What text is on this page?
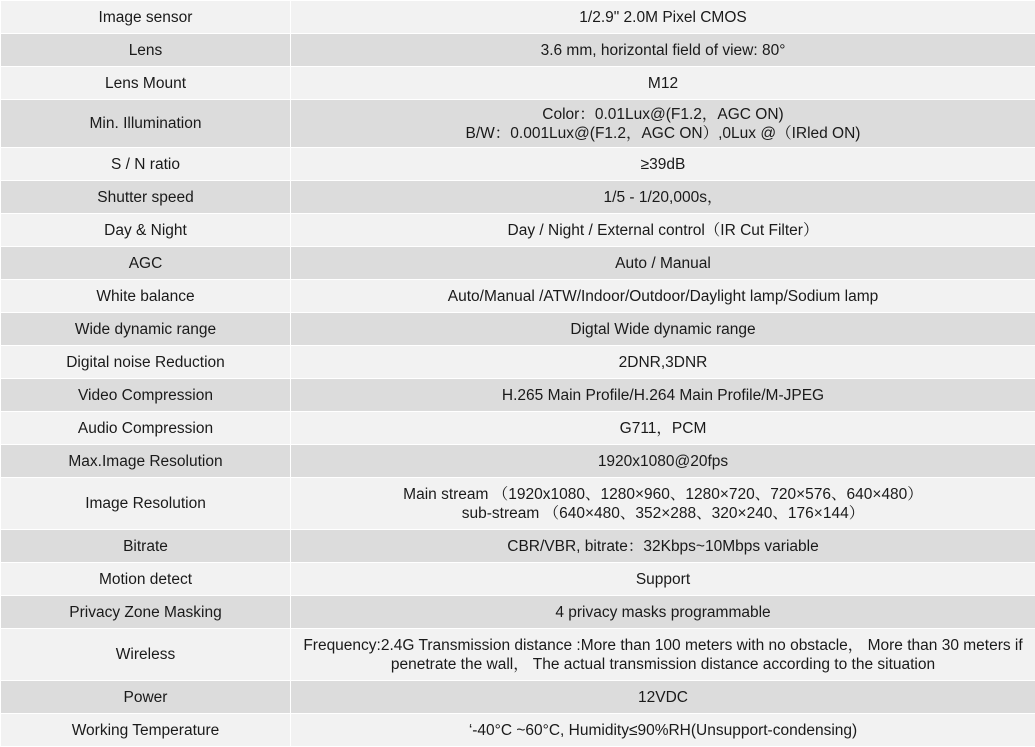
Image sensor	1/2.9" 2.0M Pixel CMOS
Lens	3.6 mm, horizontal field of view: 80°
Lens Mount	M12
Min. Illumination	Color：0.01Lux@(F1.2，AGC ON)
B/W：0.001Lux@(F1.2，AGC ON）,0Lux @（IRled ON)

S / N ratio	≥39dB
Shutter speed	1/5 - 1/20,000s，
Day & Night	Day / Night / External control（IR Cut Filter）
AGC	Auto / Manual
White balance	Auto/Manual /ATW/Indoor/Outdoor/Daylight lamp/Sodium lamp
Wide dynamic range	Digtal Wide dynamic range
Digital noise Reduction	2DNR,3DNR
Video Compression	H.265 Main Profile/H.264 Main Profile/M-JPEG
Audio Compression	G711，PCM
Max.Image Resolution	1920x1080@20fps
Image Resolution	Main stream （1920x1080、1280×960、1280×720、720×576、640×480）
sub-stream （640×480、352×288、320×240、176×144）

Bitrate	CBR/VBR, bitrate：32Kbps~10Mbps variable
Motion detect	Support
Privacy Zone Masking	4 privacy masks programmable
Wireless	Frequency:2.4G Transmission distance :More than 100 meters with no obstacle， More than 30 meters if penetrate the wall， The actual transmission distance according to the situation
Power	12VDC
Working Temperature	‘-40°C ~60°C, Humidity≤90%RH(Unsupport-condensing)
